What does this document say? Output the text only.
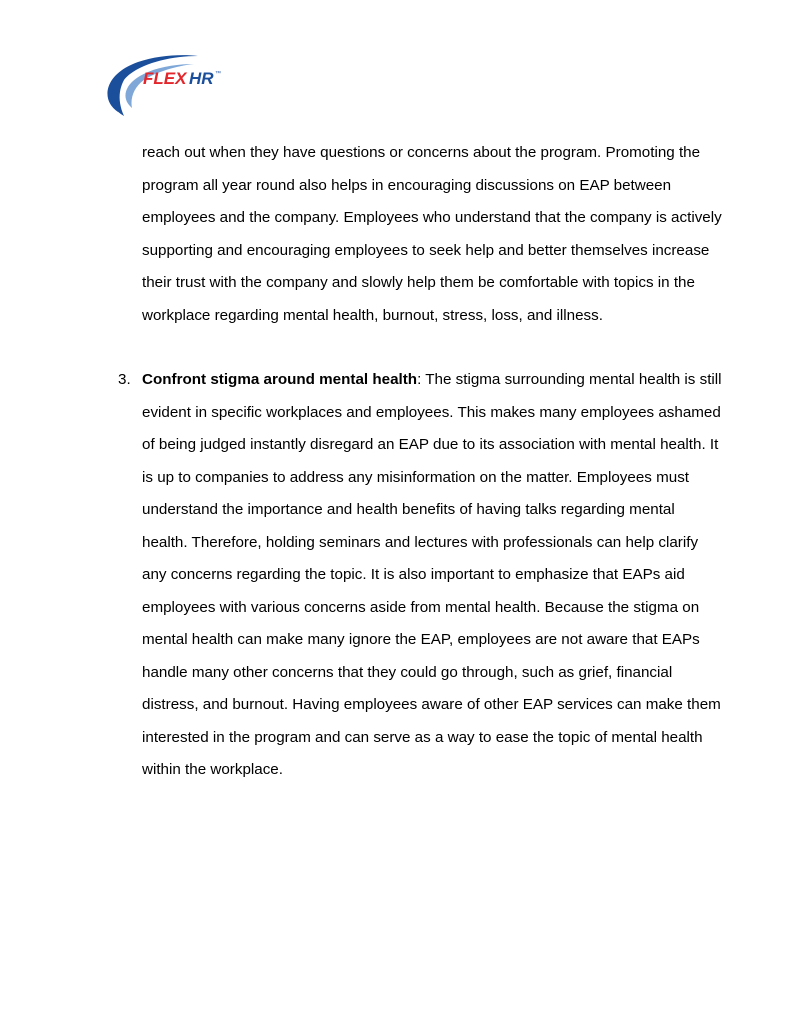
FLEX HR ™

reach out when they have questions or concerns about the program. Promoting the program all year round also helps in encouraging discussions on EAP between employees and the company. Employees who understand that the company is actively supporting and encouraging employees to seek help and better themselves increase their trust with the company and slowly help them be comfortable with topics in the workplace regarding mental health, burnout, stress, loss, and illness.

3. Confront stigma around mental health: The stigma surrounding mental health is still evident in specific workplaces and employees. This makes many employees ashamed of being judged instantly disregard an EAP due to its association with mental health. It is up to companies to address any misinformation on the matter. Employees must understand the importance and health benefits of having talks regarding mental health. Therefore, holding seminars and lectures with professionals can help clarify any concerns regarding the topic. It is also important to emphasize that EAPs aid employees with various concerns aside from mental health. Because the stigma on mental health can make many ignore the EAP, employees are not aware that EAPs handle many other concerns that they could go through, such as grief, financial distress, and burnout. Having employees aware of other EAP services can make them interested in the program and can serve as a way to ease the topic of mental health within the workplace.
